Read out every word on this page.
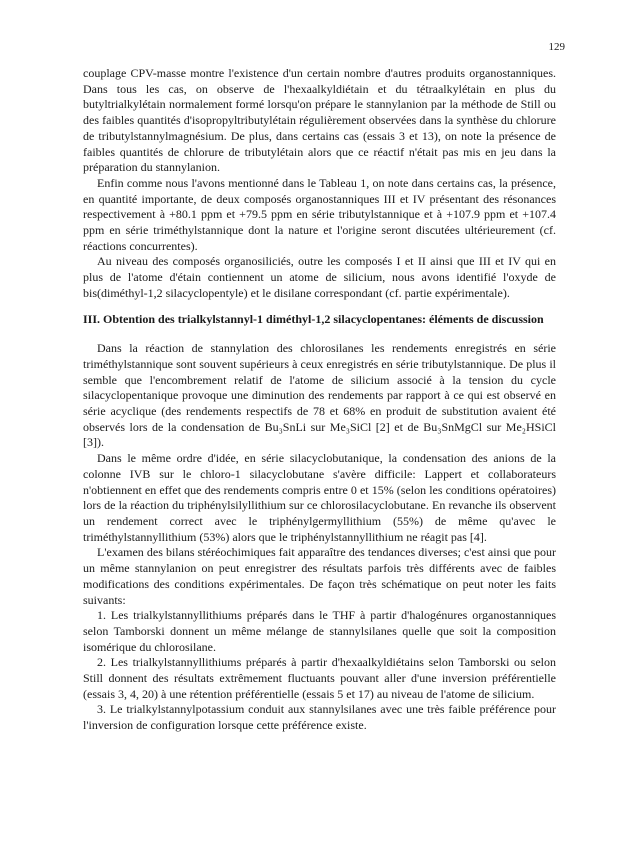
129

couplage CPV-masse montre l'existence d'un certain nombre d'autres produits organostanniques. Dans tous les cas, on observe de l'hexaalkyldiétain et du tétraalkylétain en plus du butyltrialkylétain normalement formé lorsqu'on prépare le stannylanion par la méthode de Still ou des faibles quantités d'isopropyltributylétain régulièrement observées dans la synthèse du chlorure de tributylstannylmagnésium. De plus, dans certains cas (essais 3 et 13), on note la présence de faibles quantités de chlorure de tributylétain alors que ce réactif n'était pas mis en jeu dans la préparation du stannylanion.

Enfin comme nous l'avons mentionné dans le Tableau 1, on note dans certains cas, la présence, en quantité importante, de deux composés organostanniques III et IV présentant des résonances respectivement à +80.1 ppm et +79.5 ppm en série tributylstannique et à +107.9 ppm et +107.4 ppm en série triméthylstannique dont la nature et l'origine seront discutées ultérieurement (cf. réactions concurrentes).

Au niveau des composés organosiliciés, outre les composés I et II ainsi que III et IV qui en plus de l'atome d'étain contiennent un atome de silicium, nous avons identifié l'oxyde de bis(diméthyl-1,2 silacyclopentyle) et le disilane correspondant (cf. partie expérimentale).

III. Obtention des trialkylstannyl-1 diméthyl-1,2 silacyclopentanes: éléments de discussion

Dans la réaction de stannylation des chlorosilanes les rendements enregistrés en série triméthylstannique sont souvent supérieurs à ceux enregistrés en série tributylstannique. De plus il semble que l'encombrement relatif de l'atome de silicium associé à la tension du cycle silacyclopentanique provoque une diminution des rendements par rapport à ce qui est observé en série acyclique (des rendements respectifs de 78 et 68% en produit de substitution avaient été observés lors de la condensation de Bu₃SnLi sur Me₃SiCl [2] et de Bu₃SnMgCl sur Me₂HSiCl [3]).

Dans le même ordre d'idée, en série silacyclobutanique, la condensation des anions de la colonne IVB sur le chloro-1 silacyclobutane s'avère difficile: Lappert et collaborateurs n'obtiennent en effet que des rendements compris entre 0 et 15% (selon les conditions opératoires) lors de la réaction du triphénylsilyllithium sur ce chlorosilacyclobutane. En revanche ils observent un rendement correct avec le triphénylgermyllithium (55%) de même qu'avec le triméthylstannyllithium (53%) alors que le triphénylstannyllithium ne réagit pas [4].

L'examen des bilans stéréochimiques fait apparaître des tendances diverses; c'est ainsi que pour un même stannylanion on peut enregistrer des résultats parfois très différents avec de faibles modifications des conditions expérimentales. De façon très schématique on peut noter les faits suivants:

1. Les trialkylstannyllithiums préparés dans le THF à partir d'halogénures organostanniques selon Tamborski donnent un même mélange de stannylsilanes quelle que soit la composition isomérique du chlorosilane.

2. Les trialkylstannyllithiums préparés à partir d'hexaalkyldiétains selon Tamborski ou selon Still donnent des résultats extrêmement fluctuants pouvant aller d'une inversion préférentielle (essais 3, 4, 20) à une rétention préférentielle (essais 5 et 17) au niveau de l'atome de silicium.

3. Le trialkylstannylpotassium conduit aux stannylsilanes avec une très faible préférence pour l'inversion de configuration lorsque cette préférence existe.
